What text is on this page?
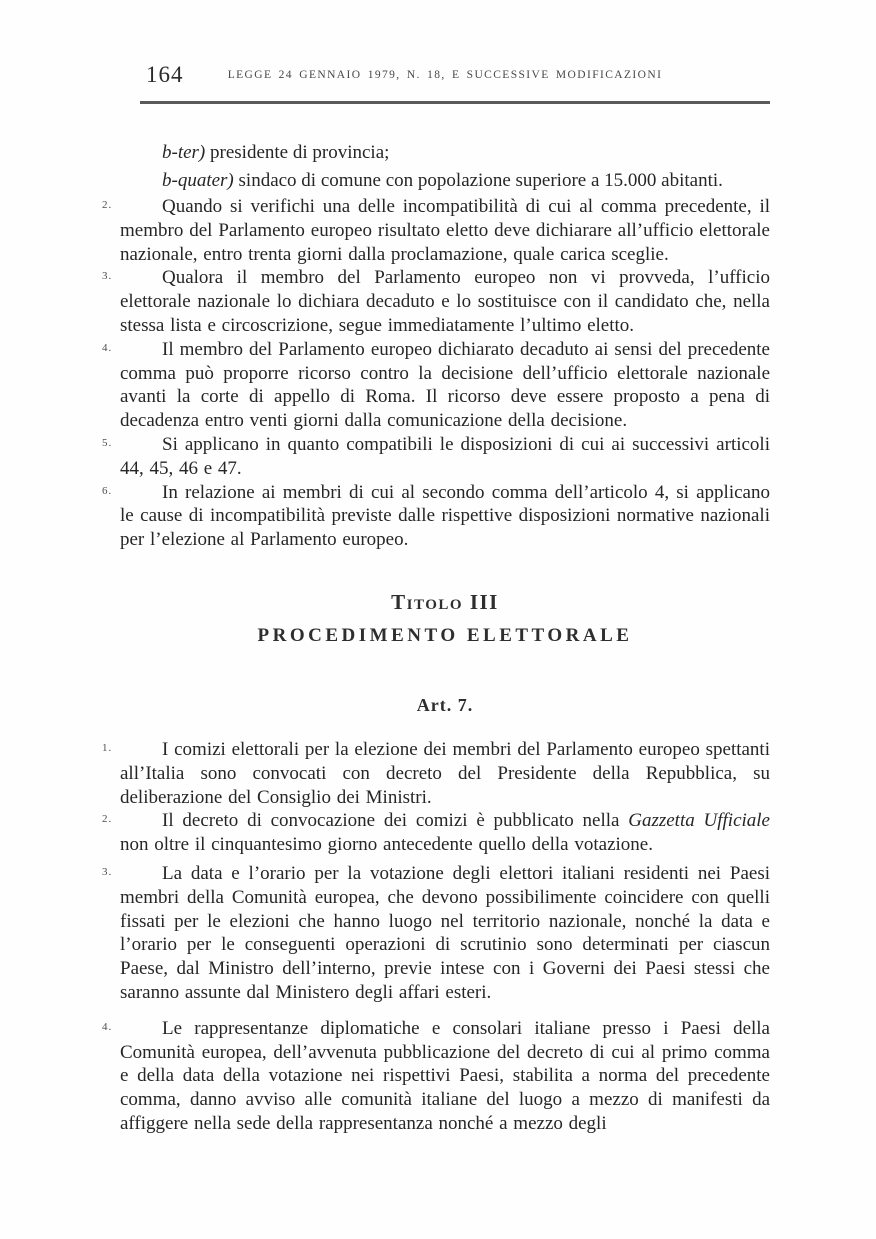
164	LEGGE 24 GENNAIO 1979, N. 18, E SUCCESSIVE MODIFICAZIONI

b-ter) presidente di provincia;

b-quater) sindaco di comune con popolazione superiore a 15.000 abitanti.

2.	Quando si verifichi una delle incompatibilità di cui al comma precedente, il membro del Parlamento europeo risultato eletto deve dichiarare all’ufficio elettorale nazionale, entro trenta giorni dalla proclamazione, quale carica sceglie.

3.	Qualora il membro del Parlamento europeo non vi provveda, l’ufficio elettorale nazionale lo dichiara decaduto e lo sostituisce con il candidato che, nella stessa lista e circoscrizione, segue immediatamente l’ultimo eletto.

4.	Il membro del Parlamento europeo dichiarato decaduto ai sensi del precedente comma può proporre ricorso contro la decisione dell’ufficio elettorale nazionale avanti la corte di appello di Roma. Il ricorso deve essere proposto a pena di decadenza entro venti giorni dalla comunicazione della decisione.

5.	Si applicano in quanto compatibili le disposizioni di cui ai successivi articoli 44, 45, 46 e 47.

6.	In relazione ai membri di cui al secondo comma dell’articolo 4, si applicano le cause di incompatibilità previste dalle rispettive disposizioni normative nazionali per l’elezione al Parlamento europeo.

Titolo III
PROCEDIMENTO ELETTORALE
Art. 7.

1.	I comizi elettorali per la elezione dei membri del Parlamento europeo spettanti all’Italia sono convocati con decreto del Presidente della Repubblica, su deliberazione del Consiglio dei Ministri.

2.	Il decreto di convocazione dei comizi è pubblicato nella Gazzetta Ufficiale non oltre il cinquantesimo giorno antecedente quello della votazione.

3.	La data e l’orario per la votazione degli elettori italiani residenti nei Paesi membri della Comunità europea, che devono possibilimente coincidere con quelli fissati per le elezioni che hanno luogo nel territorio nazionale, nonché la data e l’orario per le conseguenti operazioni di scrutinio sono determinati per ciascun Paese, dal Ministro dell’interno, previe intese con i Governi dei Paesi stessi che saranno assunte dal Ministero degli affari esteri.

4.	Le rappresentanze diplomatiche e consolari italiane presso i Paesi della Comunità europea, dell’avvenuta pubblicazione del decreto di cui al primo comma e della data della votazione nei rispettivi Paesi, stabilita a norma del precedente comma, danno avviso alle comunità italiane del luogo a mezzo di manifesti da affiggere nella sede della rappresentanza nonché a mezzo degli
